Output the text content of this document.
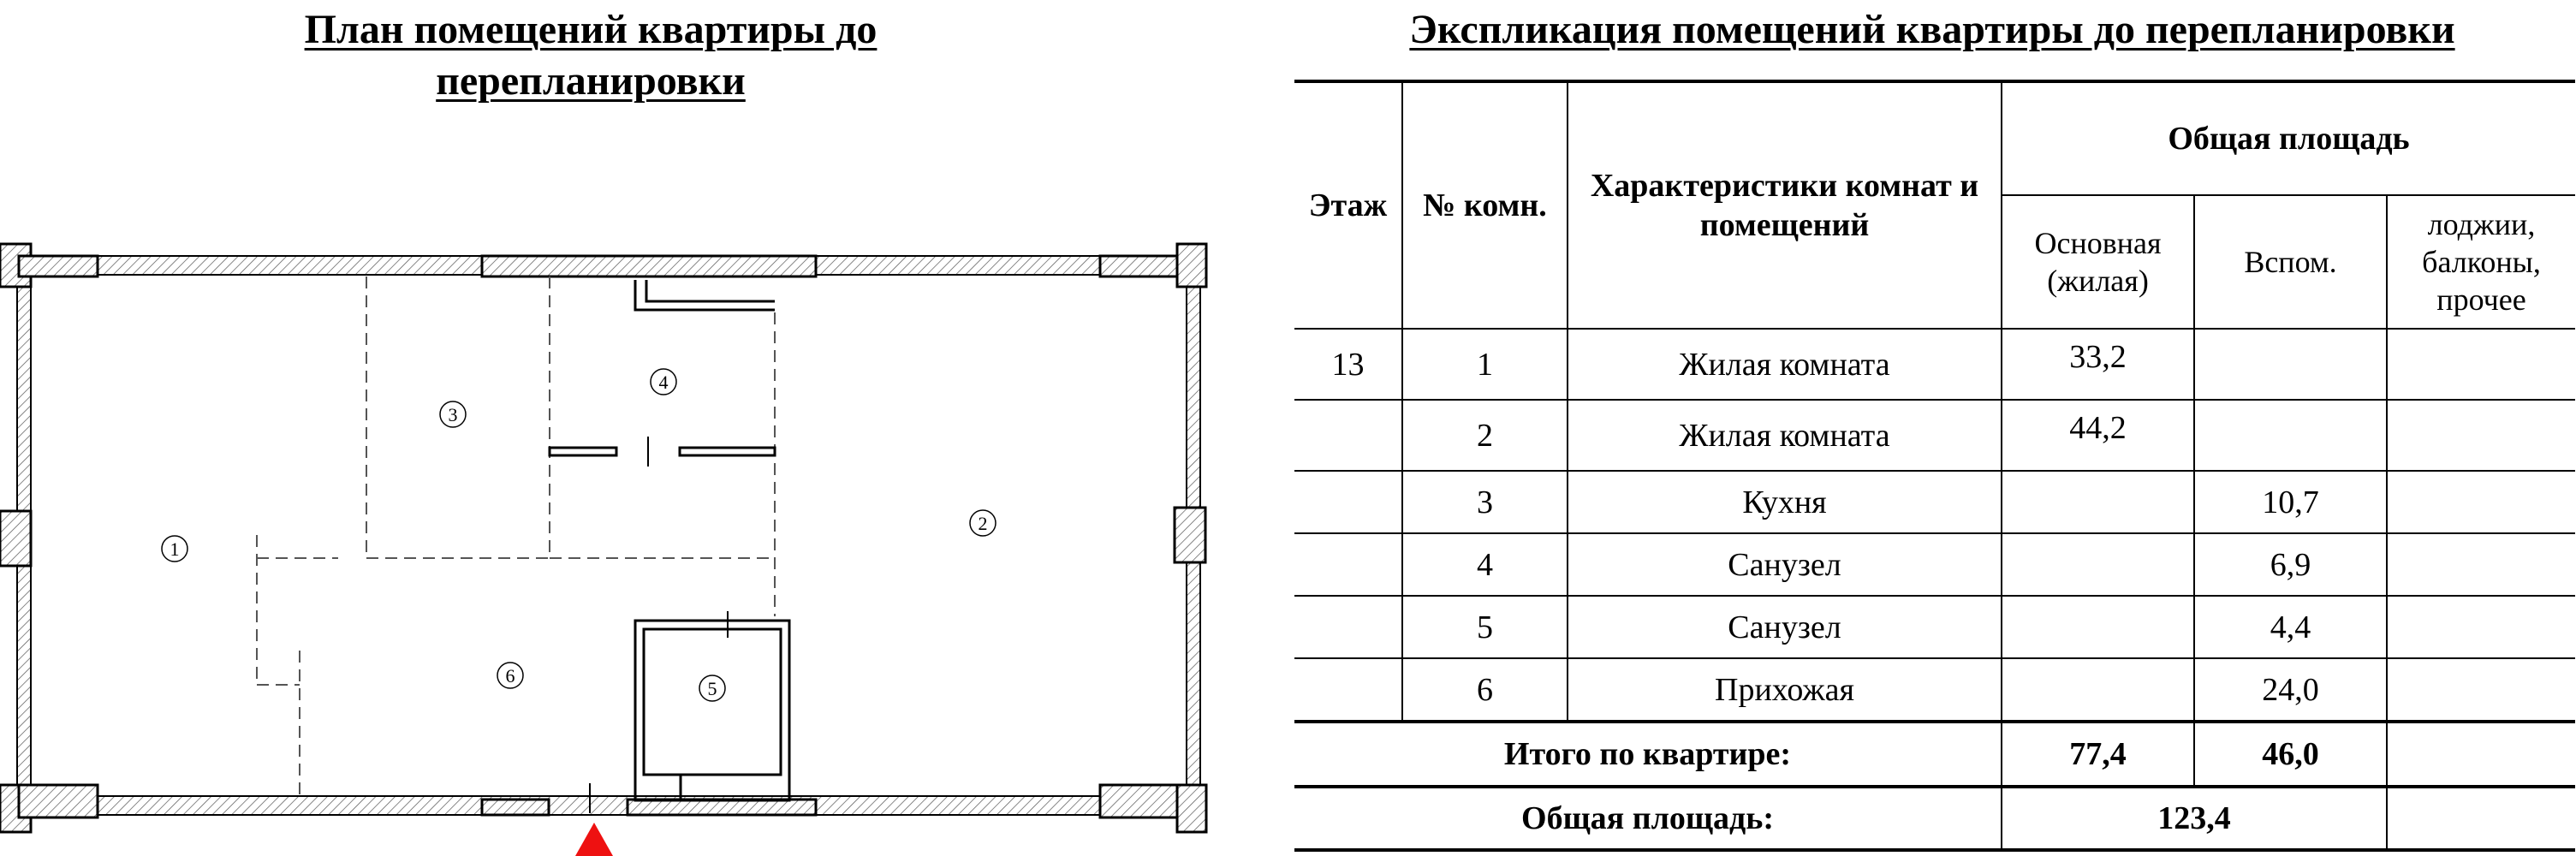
План помещений квартиры до перепланировки
1
2
3
4
5
6
Экспликация помещений квартиры до перепланировки
Этаж	№ комн.	Характеристики комнат и помещений	Общая площадь		
			Основная (жилая)	Вспом.	лоджии, балконы, прочее
13	1	Жилая комната	33,2		
	2	Жилая комната	44,2		
	3	Кухня		10,7	
	4	Санузел		6,9	
	5	Санузел		4,4	
	6	Прихожая		24,0	
Итого по квартире:			77,4	46,0	
Общая площадь:			123,4		
